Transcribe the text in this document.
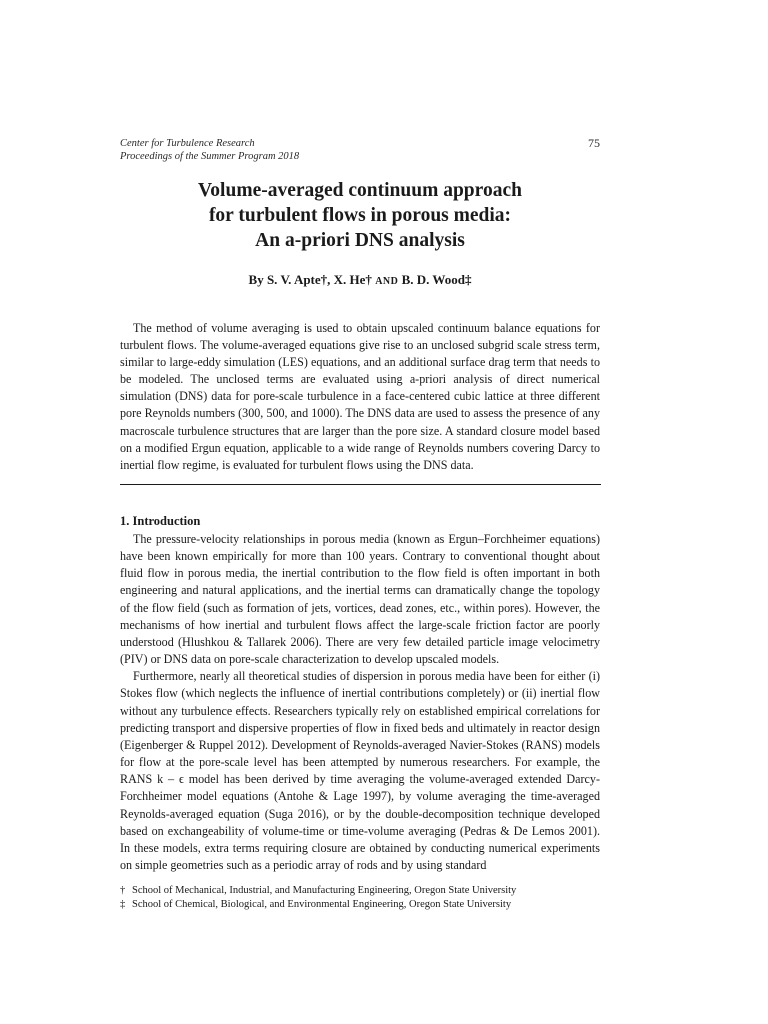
Center for Turbulence Research
Proceedings of the Summer Program 2018
75
Volume-averaged continuum approach
for turbulent flows in porous media:
An a-priori DNS analysis
By S. V. Apte†, X. He† AND B. D. Wood‡

The method of volume averaging is used to obtain upscaled continuum balance equations for turbulent flows. The volume-averaged equations give rise to an unclosed subgrid scale stress term, similar to large-eddy simulation (LES) equations, and an additional surface drag term that needs to be modeled. The unclosed terms are evaluated using a-priori analysis of direct numerical simulation (DNS) data for pore-scale turbulence in a face-centered cubic lattice at three different pore Reynolds numbers (300, 500, and 1000). The DNS data are used to assess the presence of any macroscale turbulence structures that are larger than the pore size. A standard closure model based on a modified Ergun equation, applicable to a wide range of Reynolds numbers covering Darcy to inertial flow regime, is evaluated for turbulent flows using the DNS data.

1. Introduction

The pressure-velocity relationships in porous media (known as Ergun–Forchheimer equations) have been known empirically for more than 100 years. Contrary to conventional thought about fluid flow in porous media, the inertial contribution to the flow field is often important in both engineering and natural applications, and the inertial terms can dramatically change the topology of the flow field (such as formation of jets, vortices, dead zones, etc., within pores). However, the mechanisms of how inertial and turbulent flows affect the large-scale friction factor are poorly understood (Hlushkou & Tallarek 2006). There are very few detailed particle image velocimetry (PIV) or DNS data on pore-scale characterization to develop upscaled models.

Furthermore, nearly all theoretical studies of dispersion in porous media have been for either (i) Stokes flow (which neglects the influence of inertial contributions completely) or (ii) inertial flow without any turbulence effects. Researchers typically rely on established empirical correlations for predicting transport and dispersive properties of flow in fixed beds and ultimately in reactor design (Eigenberger & Ruppel 2012). Development of Reynolds-averaged Navier-Stokes (RANS) models for flow at the pore-scale level has been attempted by numerous researchers. For example, the RANS k – ϵ model has been derived by time averaging the volume-averaged extended Darcy-Forchheimer model equations (Antohe & Lage 1997), by volume averaging the time-averaged Reynolds-averaged equation (Suga 2016), or by the double-decomposition technique developed based on exchangeability of volume-time or time-volume averaging (Pedras & De Lemos 2001). In these models, extra terms requiring closure are obtained by conducting numerical experiments on simple geometries such as a periodic array of rods and by using standard

† School of Mechanical, Industrial, and Manufacturing Engineering, Oregon State University
‡ School of Chemical, Biological, and Environmental Engineering, Oregon State University
